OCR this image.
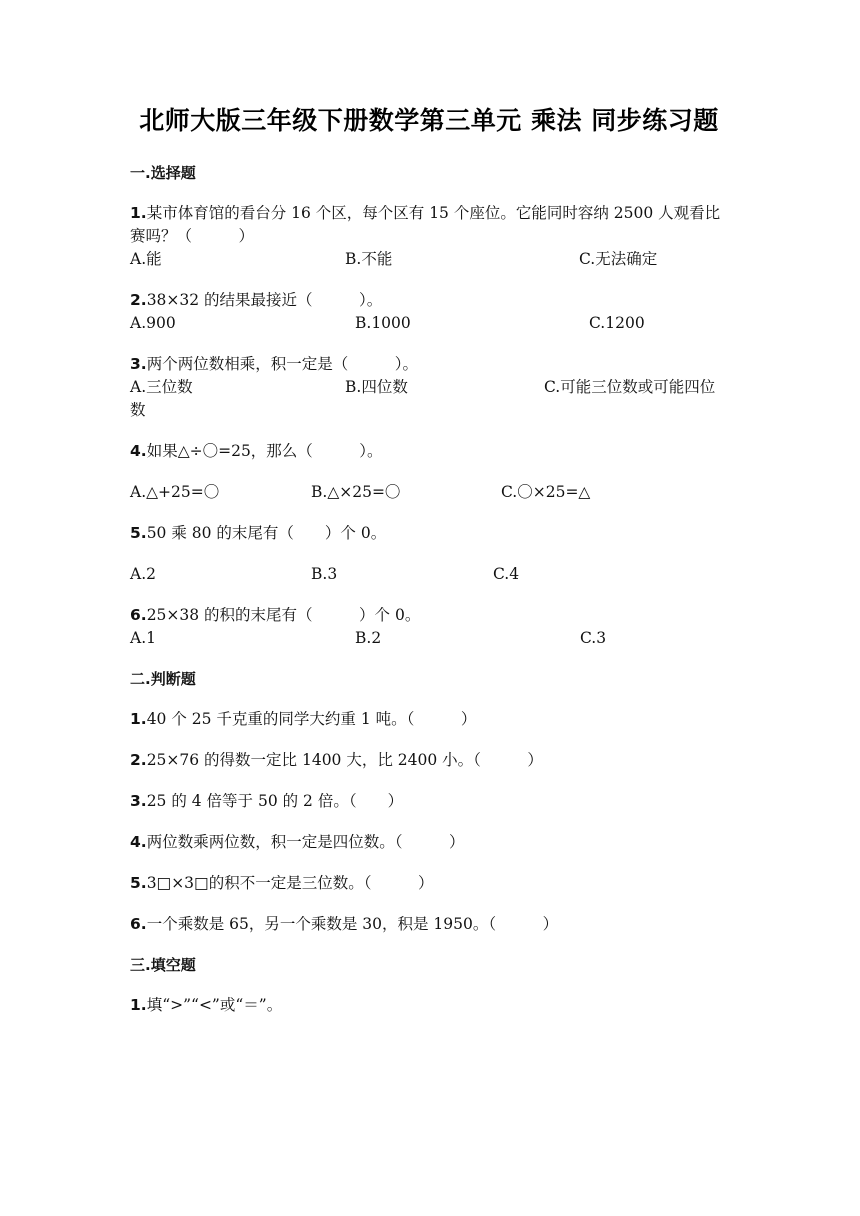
北师大版三年级下册数学第三单元 乘法 同步练习题
一.选择题
1.某市体育馆的看台分 16 个区，每个区有 15 个座位。它能同时容纳 2500 人观看比赛吗？（　　　）
A.能	B.不能	C.无法确定
2.38×32 的结果最接近（　　　）。
A.900	B.1000	C.1200
3.两个两位数相乘，积一定是（　　　）。
A.三位数	B.四位数	C.可能三位数或可能四位数
4.如果△÷〇=25，那么（　　　）。
A.△+25=〇	B.△×25=〇	C.〇×25=△
5.50 乘 80 的末尾有（　　）个 0。
A.2	B.3	C.4
6.25×38 的积的末尾有（　　　）个 0。
A.1	B.2	C.3
二.判断题
1.40 个 25 千克重的同学大约重 1 吨。（　　　）
2.25×76 的得数一定比 1400 大，比 2400 小。（　　　）
3.25 的 4 倍等于 50 的 2 倍。（　　）
4.两位数乘两位数，积一定是四位数。（　　　）
5.3□×3□的积不一定是三位数。（　　　）
6.一个乘数是 65，另一个乘数是 30，积是 1950。（　　　）
三.填空题
1.填“>”“<”或“＝”。
